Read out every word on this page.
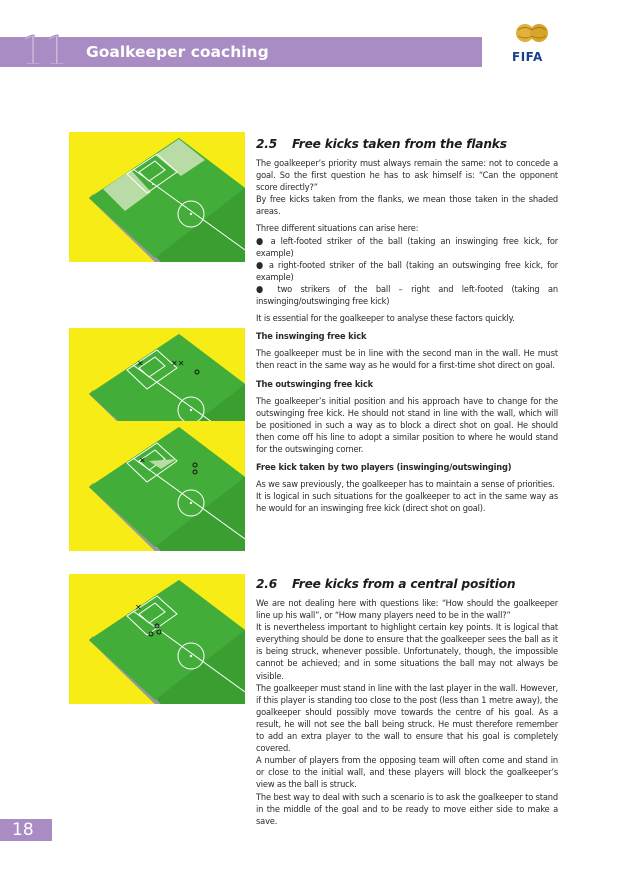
11 Goalkeeper coaching	FIFA
✕	✕✕
✕
✕
2.5 Free kicks taken from the flanks

The goalkeeper’s priority must always remain the same: not to concede a goal. So the first question he has to ask himself is: “Can the opponent score directly?”

By free kicks taken from the flanks, we mean those taken in the shaded areas.

Three different situations can arise here:

● a left-footed striker of the ball (taking an inswinging free kick, for example)

● a right-footed striker of the ball (taking an outswinging free kick, for example)

● two strikers of the ball – right and left-footed (taking an inswinging/outswinging free kick)

It is essential for the goalkeeper to analyse these factors quickly.

The inswinging free kick

The goalkeeper must be in line with the second man in the wall. He must then react in the same way as he would for a first-time shot direct on goal.

The outswinging free kick

The goalkeeper’s initial position and his approach have to change for the outswinging free kick. He should not stand in line with the wall, which will be positioned in such a way as to block a direct shot on goal. He should then come off his line to adopt a similar position to where he would stand for the outswinging corner.

Free kick taken by two players (inswinging/outswinging)

As we saw previously, the goalkeeper has to maintain a sense of priorities.

It is logical in such situations for the goalkeeper to act in the same way as he would for an inswinging free kick (direct shot on goal).

2.6 Free kicks from a central position

We are not dealing here with questions like: “How should the goalkeeper line up his wall”, or “How many players need to be in the wall?”

It is nevertheless important to highlight certain key points. It is logical that everything should be done to ensure that the goalkeeper sees the ball as it is being struck, whenever possible. Unfortunately, though, the impossible cannot be achieved; and in some situations the ball may not always be visible.

The goalkeeper must stand in line with the last player in the wall. However, if this player is standing too close to the post (less than 1 metre away), the goalkeeper should possibly move towards the centre of his goal. As a result, he will not see the ball being struck. He must therefore remember to add an extra player to the wall to ensure that his goal is completely covered.

A number of players from the opposing team will often come and stand in or close to the initial wall, and these players will block the goalkeeper’s view as the ball is struck.

The best way to deal with such a scenario is to ask the goalkeeper to stand in the middle of the goal and to be ready to move either side to make a save.

18
